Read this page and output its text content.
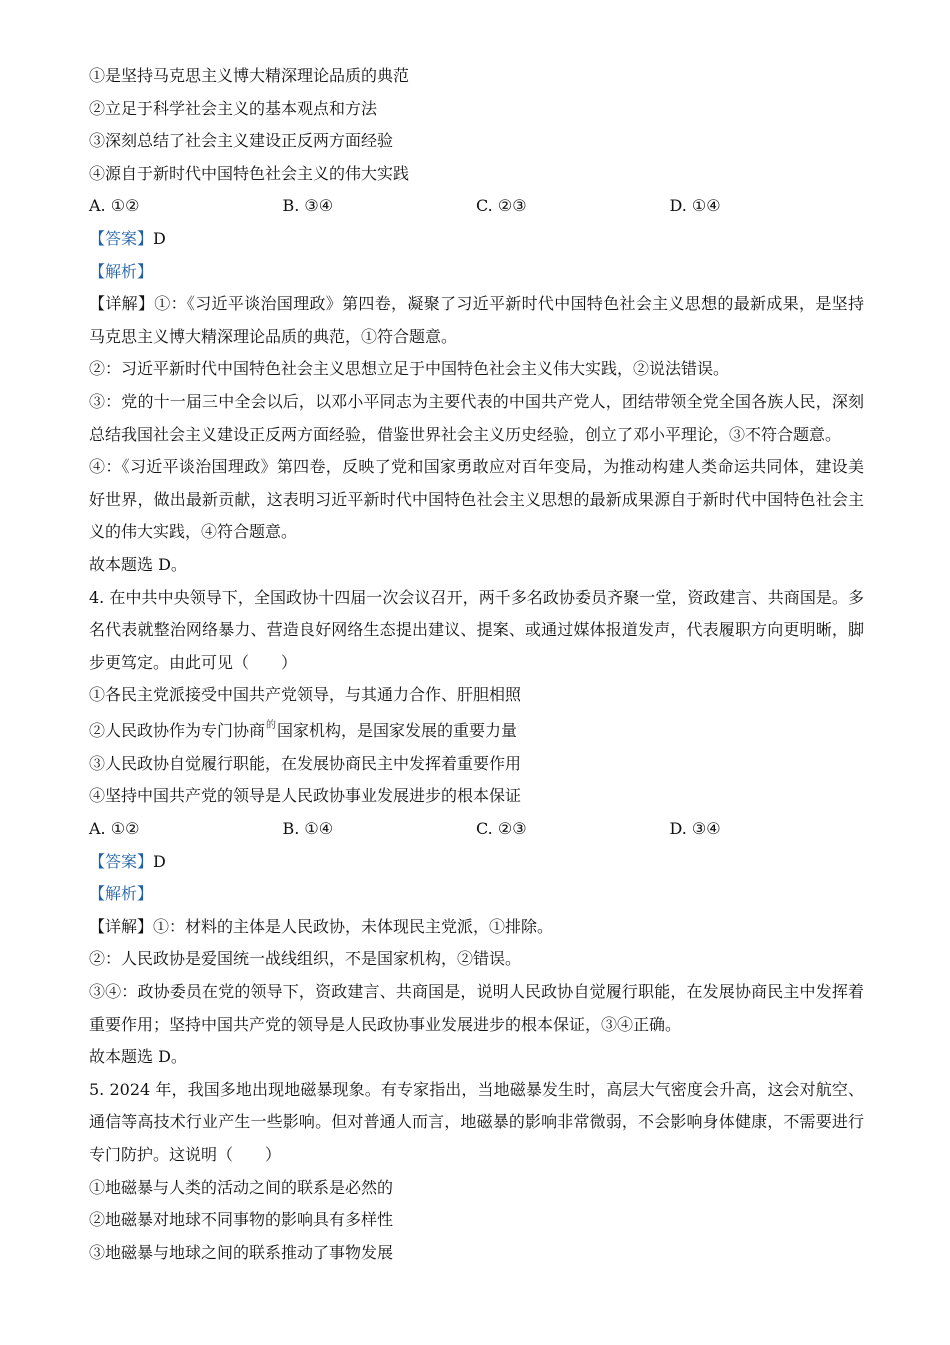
①是坚持马克思主义博大精深理论品质的典范
②立足于科学社会主义的基本观点和方法
③深刻总结了社会主义建设正反两方面经验
④源自于新时代中国特色社会主义的伟大实践
A. ①②	B. ③④	C. ②③	D. ①④
【答案】D
【解析】
【详解】①：《习近平谈治国理政》第四卷，凝聚了习近平新时代中国特色社会主义思想的最新成果，是坚持马克思主义博大精深理论品质的典范，①符合题意。
②：习近平新时代中国特色社会主义思想立足于中国特色社会主义伟大实践，②说法错误。
③：党的十一届三中全会以后，以邓小平同志为主要代表的中国共产党人，团结带领全党全国各族人民，深刻总结我国社会主义建设正反两方面经验，借鉴世界社会主义历史经验，创立了邓小平理论，③不符合题意。
④：《习近平谈治国理政》第四卷，反映了党和国家勇敢应对百年变局，为推动构建人类命运共同体，建设美好世界，做出最新贡献，这表明习近平新时代中国特色社会主义思想的最新成果源自于新时代中国特色社会主义的伟大实践，④符合题意。
故本题选 D。
4. 在中共中央领导下，全国政协十四届一次会议召开，两千多名政协委员齐聚一堂，资政建言、共商国是。多名代表就整治网络暴力、营造良好网络生态提出建议、提案、或通过媒体报道发声，代表履职方向更明晰，脚步更笃定。由此可见（　　）
①各民主党派接受中国共产党领导，与其通力合作、肝胆相照
②人民政协作为专门协商$^的$国家机构，是国家发展的重要力量
③人民政协自觉履行职能，在发展协商民主中发挥着重要作用
④坚持中国共产党的领导是人民政协事业发展进步的根本保证
A. ①②	B. ①④	C. ②③	D. ③④
【答案】D
【解析】
【详解】①：材料的主体是人民政协，未体现民主党派，①排除。
②：人民政协是爱国统一战线组织，不是国家机构，②错误。
③④：政协委员在党的领导下，资政建言、共商国是，说明人民政协自觉履行职能，在发展协商民主中发挥着重要作用；坚持中国共产党的领导是人民政协事业发展进步的根本保证，③④正确。
故本题选 D。
5. 2024 年，我国多地出现地磁暴现象。有专家指出，当地磁暴发生时，高层大气密度会升高，这会对航空、通信等高技术行业产生一些影响。但对普通人而言，地磁暴的影响非常微弱，不会影响身体健康，不需要进行专门防护。这说明（　　）
①地磁暴与人类的活动之间的联系是必然的
②地磁暴对地球不同事物的影响具有多样性
③地磁暴与地球之间的联系推动了事物发展
